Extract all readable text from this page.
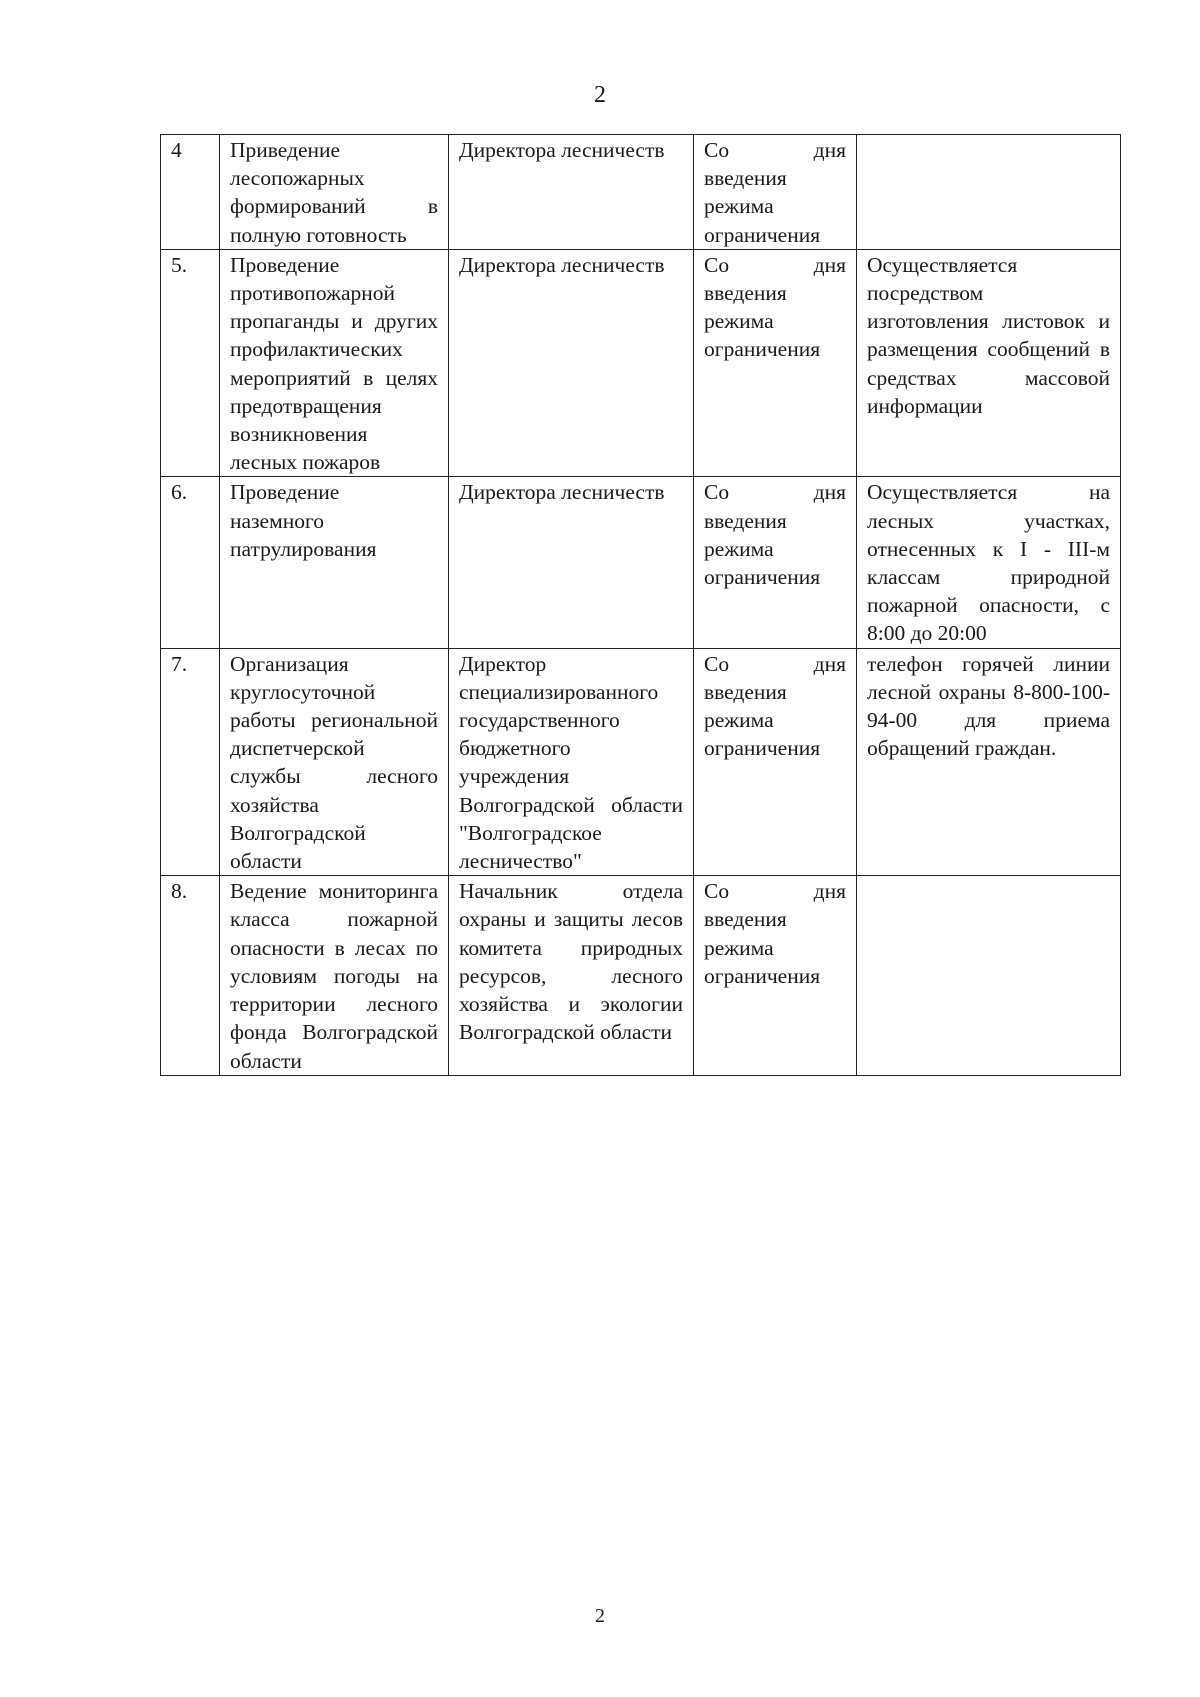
2
4	Приведение лесопожарных формирований в полную готовность	Директора лесничеств	Со дня введения режима ограничения	

5.	Проведение противопожарной пропаганды и других профилактических мероприятий в целях предотвращения возникновения лесных пожаров	Директора лесничеств	Со дня введения режима ограничения	Осуществляется посредством изготовления листовок и размещения сообщений в средствах массовой информации

6.	Проведение наземного патрулирования	Директора лесничеств	Со дня введения режима ограничения	Осуществляется на лесных участках, отнесенных к I - III-м классам природной пожарной опасности, с 8:00 до 20:00

7.	Организация круглосуточной работы региональной диспетчерской службы лесного хозяйства Волгоградской области	Директор специализированного государственного бюджетного учреждения Волгоградской области "Волгоградское лесничество"	Со дня введения режима ограничения	телефон горячей линии лесной охраны 8-800-100-94-00 для приема обращений граждан.

8.	Ведение мониторинга класса пожарной опасности в лесах по условиям погоды на территории лесного фонда Волгоградской области	Начальник отдела охраны и защиты лесов комитета природных ресурсов, лесного хозяйства и экологии Волгоградской области	Со дня введения режима ограничения	

2
